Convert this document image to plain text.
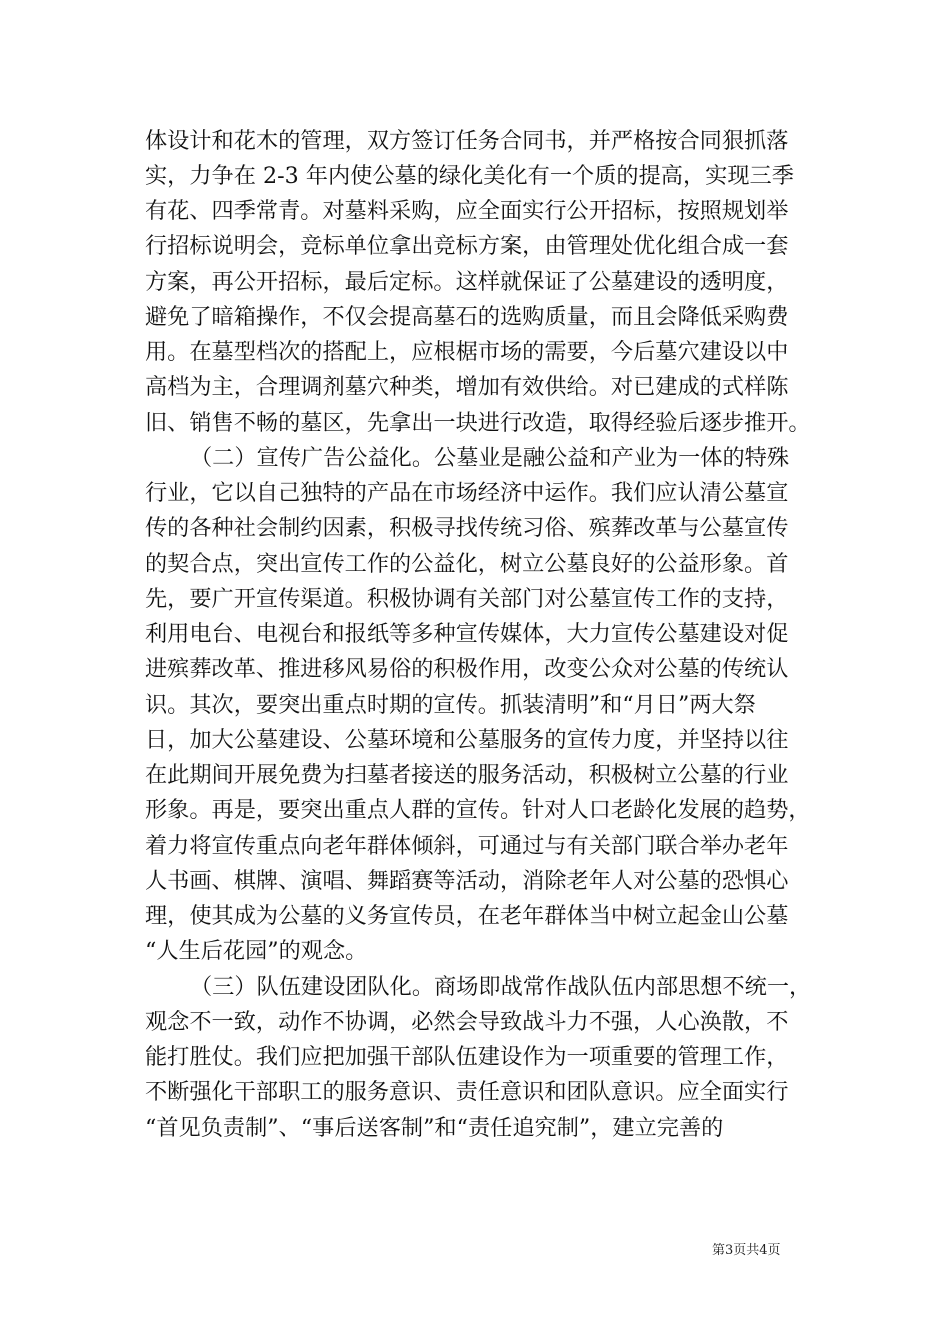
体设计和花木的管理，双方签订任务合同书，并严格按合同狠抓落
实，力争在 2-3 年内使公墓的绿化美化有一个质的提高，实现三季
有花、四季常青。对墓料采购，应全面实行公开招标，按照规划举
行招标说明会，竞标单位拿出竞标方案，由管理处优化组合成一套
方案，再公开招标，最后定标。这样就保证了公墓建设的透明度，
避免了暗箱操作，不仅会提高墓石的选购质量，而且会降低采购费
用。在墓型档次的搭配上，应根椐市场的需要，今后墓穴建设以中
高档为主，合理调剂墓穴种类，增加有效供给。对已建成的式样陈
旧、销售不畅的墓区，先拿出一块进行改造，取得经验后逐步推开。
（二）宣传广告公益化。公墓业是融公益和产业为一体的特殊
行业，它以自己独特的产品在市场经济中运作。我们应认清公墓宣
传的各种社会制约因素，积极寻找传统习俗、殡葬改革与公墓宣传
的契合点，突出宣传工作的公益化，树立公墓良好的公益形象。首
先，要广开宣传渠道。积极协调有关部门对公墓宣传工作的支持，
利用电台、电视台和报纸等多种宣传媒体，大力宣传公墓建设对促
进殡葬改革、推进移风易俗的积极作用，改变公众对公墓的传统认
识。其次，要突出重点时期的宣传。抓装清明”和“月日”两大祭
日，加大公墓建设、公墓环境和公墓服务的宣传力度，并坚持以往
在此期间开展免费为扫墓者接送的服务活动，积极树立公墓的行业
形象。再是，要突出重点人群的宣传。针对人口老龄化发展的趋势，
着力将宣传重点向老年群体倾斜，可通过与有关部门联合举办老年
人书画、棋牌、演唱、舞蹈赛等活动，消除老年人对公墓的恐惧心
理，使其成为公墓的义务宣传员，在老年群体当中树立起金山公墓
“人生后花园”的观念。
（三）队伍建设团队化。商场即战常作战队伍内部思想不统一，
观念不一致，动作不协调，必然会导致战斗力不强，人心涣散，不
能打胜仗。我们应把加强干部队伍建设作为一项重要的管理工作，
不断强化干部职工的服务意识、责任意识和团队意识。应全面实行
“首见负责制”、“事后送客制”和“责任追究制”，建立完善的
第3页共4页
